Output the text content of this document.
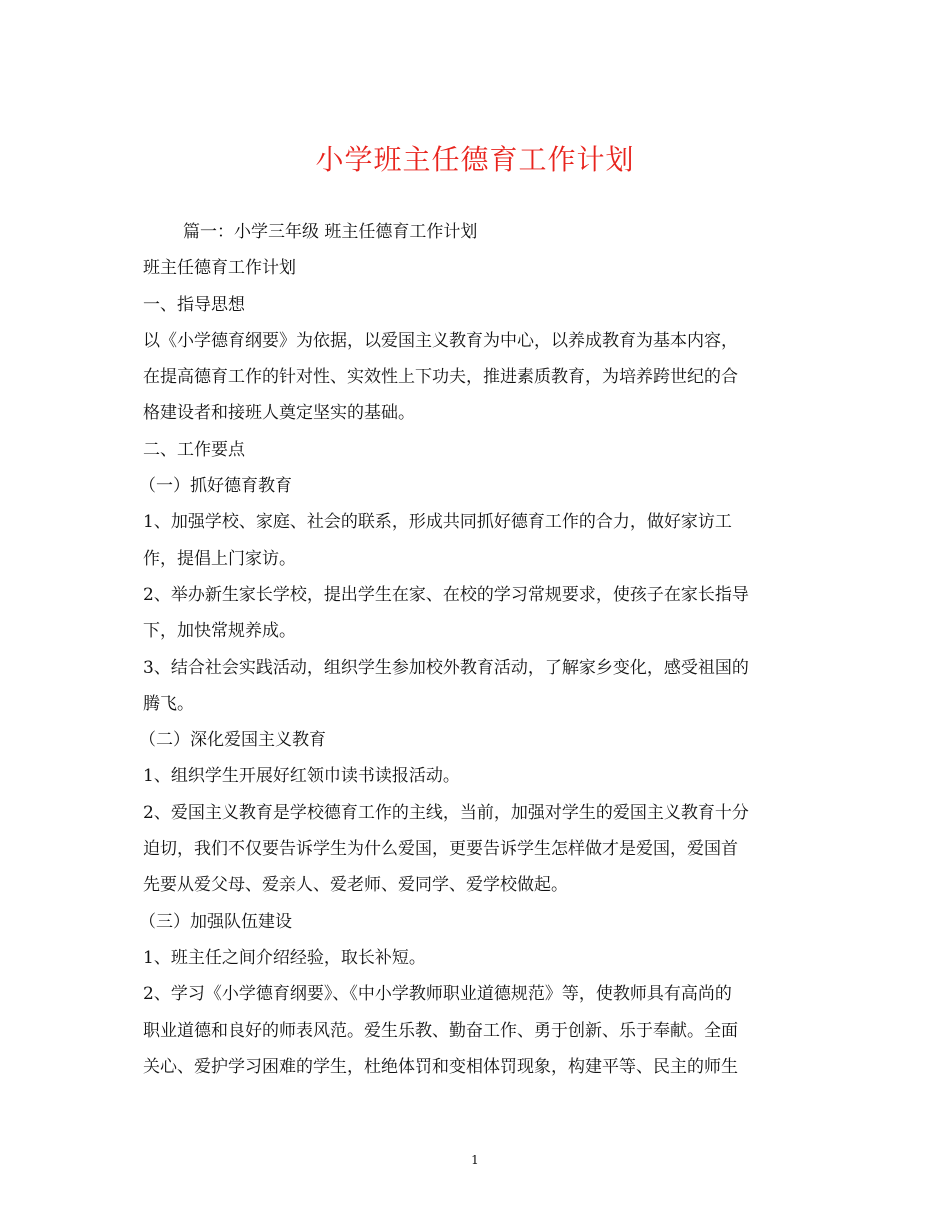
小学班主任德育工作计划

篇一：小学三年级 班主任德育工作计划

班主任德育工作计划

一、指导思想

以《小学德育纲要》为依据，以爱国主义教育为中心，以养成教育为基本内容，

在提高德育工作的针对性、实效性上下功夫，推进素质教育，为培养跨世纪的合

格建设者和接班人奠定坚实的基础。

二、工作要点

（一）抓好德育教育

1、加强学校、家庭、社会的联系，形成共同抓好德育工作的合力，做好家访工

作，提倡上门家访。

2、举办新生家长学校，提出学生在家、在校的学习常规要求，使孩子在家长指导

下，加快常规养成。

3、结合社会实践活动，组织学生参加校外教育活动，了解家乡变化，感受祖国的

腾飞。

（二）深化爱国主义教育

1、组织学生开展好红领巾读书读报活动。

2、爱国主义教育是学校德育工作的主线，当前，加强对学生的爱国主义教育十分

迫切，我们不仅要告诉学生为什么爱国，更要告诉学生怎样做才是爱国，爱国首

先要从爱父母、爱亲人、爱老师、爱同学、爱学校做起。

（三）加强队伍建设

1、班主任之间介绍经验，取长补短。

2、学习《小学德育纲要》、《中小学教师职业道德规范》等，使教师具有高尚的

职业道德和良好的师表风范。爱生乐教、勤奋工作、勇于创新、乐于奉献。全面

关心、爱护学习困难的学生，杜绝体罚和变相体罚现象，构建平等、民主的师生

1
